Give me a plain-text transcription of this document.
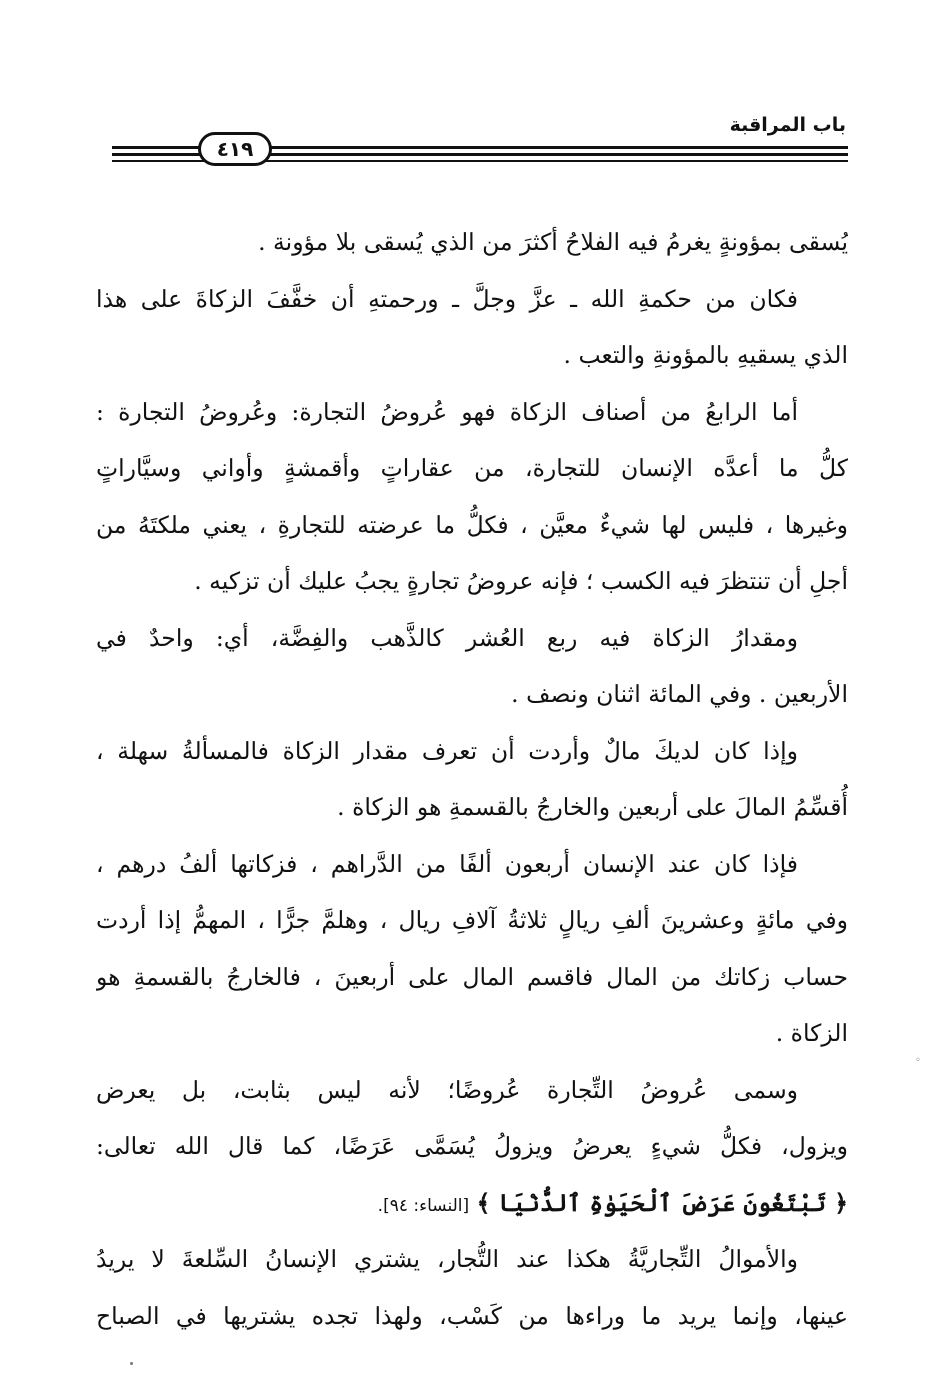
باب المراقبة
٤١٩
يُسقى بمؤونةٍ يغرمُ فيه الفلاحُ أكثرَ من الذي يُسقى بلا مؤونة .
فكان من حكمةِ الله ـ عزَّ وجلَّ ـ ورحمتهِ أن خفَّفَ الزكاةَ على هذا
الذي يسقيهِ بالمؤونةِ والتعب .
أما الرابعُ من أصناف الزكاة فهو عُروضُ التجارة: وعُروضُ التجارة :
كلُّ ما أعدَّه الإنسان للتجارة، من عقاراتٍ وأقمشةٍ وأواني وسيَّاراتٍ
وغيرها ، فليس لها شيءٌ معيَّن ، فكلُّ ما عرضته للتجارةِ ، يعني ملكتَهُ من
أجلِ أن تنتظرَ فيه الكسب ؛ فإنه عروضُ تجارةٍ يجبُ عليك أن تزكيه .
ومقدارُ الزكاة فيه ربع العُشر كالذَّهب والفِضَّة، أي: واحدٌ في
الأربعين . وفي المائة اثنان ونصف .
وإذا كان لديكَ مالٌ وأردت أن تعرف مقدار الزكاة فالمسألةُ سهلة ،
أُقسِّمُ المالَ على أربعين والخارجُ بالقسمةِ هو الزكاة .
فإذا كان عند الإنسان أربعون ألفًا من الدَّراهم ، فزكاتها ألفُ درهم ،
وفي مائةٍ وعشرينَ ألفِ ريالٍ ثلاثةُ آلافِ ريال ، وهلمَّ جرًّا ، المهمُّ إذا أردت
حساب زكاتك من المال فاقسم المال على أربعينَ ، فالخارجُ بالقسمةِ هو
الزكاة .
وسمى عُروضُ التِّجارة عُروضًا؛ لأنه ليس بثابت، بل يعرض
ويزول، فكلُّ شيءٍ يعرضُ ويزولُ يُسَمَّى عَرَضًا، كما قال الله تعالى:
﴿ تَبْتَغُونَ عَرَضَ ٱلْحَيَوٰةِ ٱلدُّنْيَا ﴾ [النساء: ٩٤].
والأموالُ التِّجاريَّةُ هكذا عند التُّجار، يشتري الإنسانُ السِّلعةَ لا يريدُ
عينها، وإنما يريد ما وراءها من كَسْب، ولهذا تجده يشتريها في الصباح
◦
